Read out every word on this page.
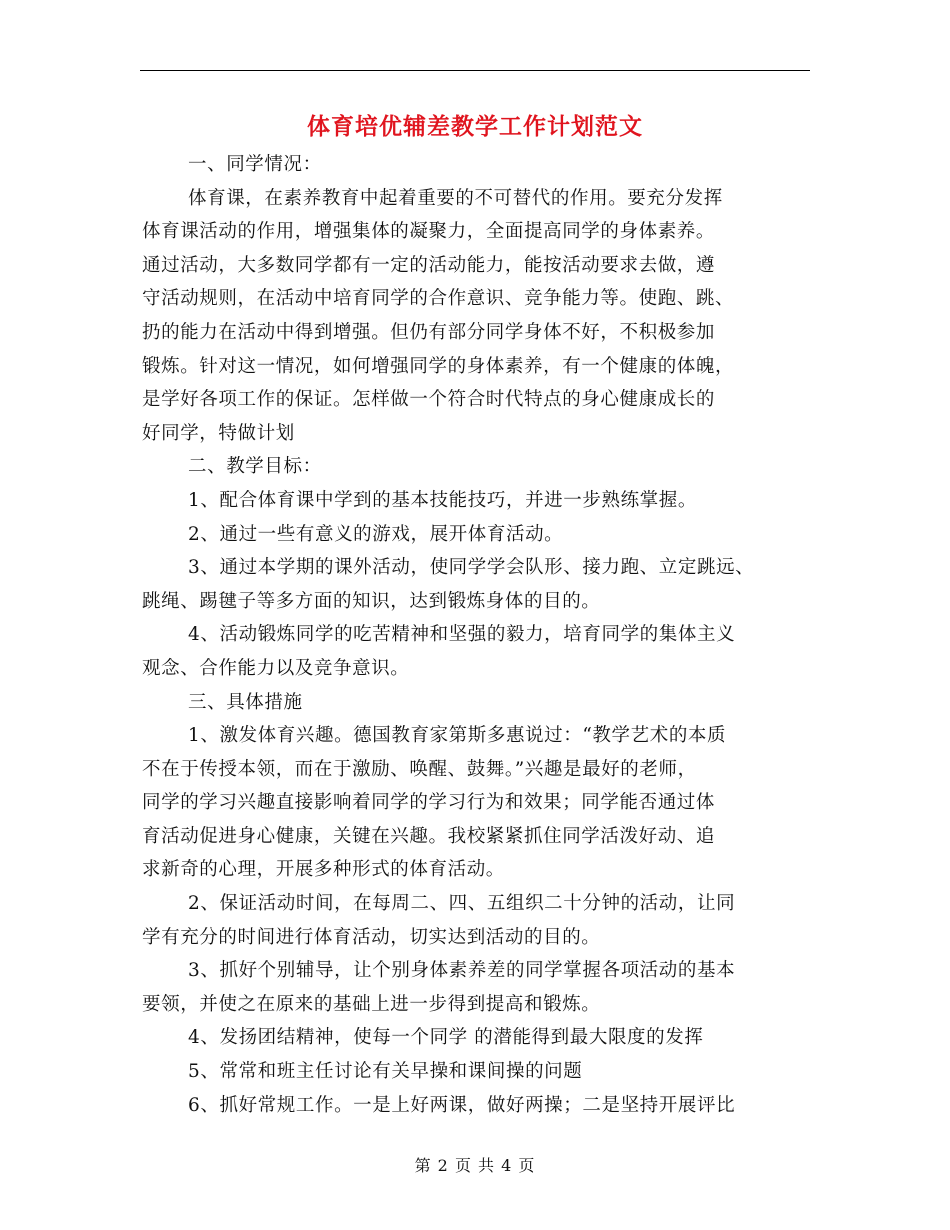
体育培优辅差教学工作计划范文
一、同学情况：
体育课，在素养教育中起着重要的不可替代的作用。要充分发挥
体育课活动的作用，增强集体的凝聚力，全面提高同学的身体素养。
通过活动，大多数同学都有一定的活动能力，能按活动要求去做，遵
守活动规则，在活动中培育同学的合作意识、竞争能力等。使跑、跳、
扔的能力在活动中得到增强。但仍有部分同学身体不好，不积极参加
锻炼。针对这一情况，如何增强同学的身体素养，有一个健康的体魄，
是学好各项工作的保证。怎样做一个符合时代特点的身心健康成长的
好同学，特做计划
二、教学目标：
1、配合体育课中学到的基本技能技巧，并进一步熟练掌握。
2、通过一些有意义的游戏，展开体育活动。
3、通过本学期的课外活动，使同学学会队形、接力跑、立定跳远、
跳绳、踢毽子等多方面的知识，达到锻炼身体的目的。
4、活动锻炼同学的吃苦精神和坚强的毅力，培育同学的集体主义
观念、合作能力以及竞争意识。
三、具体措施
1、激发体育兴趣。德国教育家第斯多惠说过：“教学艺术的本质
不在于传授本领，而在于激励、唤醒、鼓舞。”兴趣是最好的老师，
同学的学习兴趣直接影响着同学的学习行为和效果；同学能否通过体
育活动促进身心健康，关键在兴趣。我校紧紧抓住同学活泼好动、追
求新奇的心理，开展多种形式的体育活动。
2、保证活动时间，在每周二、四、五组织二十分钟的活动，让同
学有充分的时间进行体育活动，切实达到活动的目的。
3、抓好个别辅导，让个别身体素养差的同学掌握各项活动的基本
要领，并使之在原来的基础上进一步得到提高和锻炼。
4、发扬团结精神，使每一个同学 的潜能得到最大限度的发挥
5、常常和班主任讨论有关早操和课间操的问题
6、抓好常规工作。一是上好两课，做好两操；二是坚持开展评比
第 2 页 共 4 页
